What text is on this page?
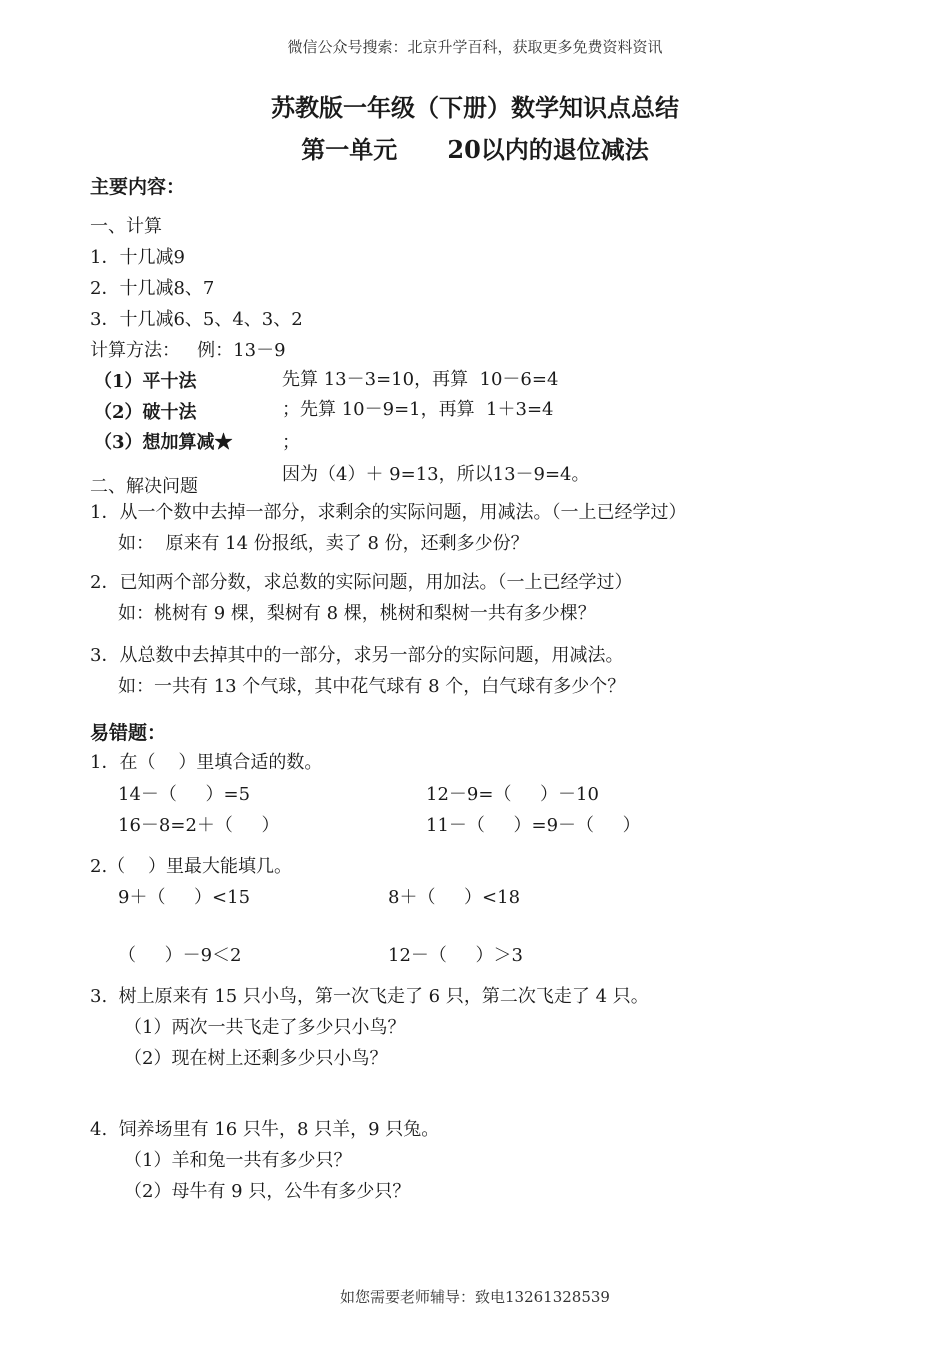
微信公众号搜索：北京升学百科，获取更多免费资料资讯
苏教版一年级（下册）数学知识点总结
第一单元      20以内的退位减法
主要内容：
一、计算
1．十几减9
2．十几减8、7
3．十几减6、5、4、3、2
计算方法：   例：13－9
（1）平十法	先算 13－3=10，再算  10－6=4
（2）破十法	；先算 10－9=1，再算  1＋3=4
（3）想加算减★	；
因为（4）＋ 9=13，所以13－9=4。
二、解决问题
1．从一个数中去掉一部分，求剩余的实际问题，用减法。（一上已经学过）
如：  原来有 14 份报纸，卖了 8 份，还剩多少份？
2．已知两个部分数，求总数的实际问题，用加法。（一上已经学过）
如：桃树有 9 棵，梨树有 8 棵，桃树和梨树一共有多少棵？
3．从总数中去掉其中的一部分，求另一部分的实际问题，用减法。
如：一共有 13 个气球，其中花气球有 8 个，白气球有多少个？
易错题：
1．在（    ）里填合适的数。
14－（     ）=5	12－9=（     ）－10
16－8=2＋（     ）	11－（     ）=9－（     ）
2.（    ）里最大能填几。
9＋（     ）<15	8＋（     ）<18
（     ）－9＜2	12－（     ）＞3
3.  树上原来有 15 只小鸟，第一次飞走了 6 只，第二次飞走了 4 只。
（1）两次一共飞走了多少只小鸟？
（2）现在树上还剩多少只小鸟？
4.  饲养场里有 16 只牛，8 只羊，9 只兔。
（1）羊和兔一共有多少只？
（2）母牛有 9 只，公牛有多少只？
如您需要老师辅导：致电13261328539
